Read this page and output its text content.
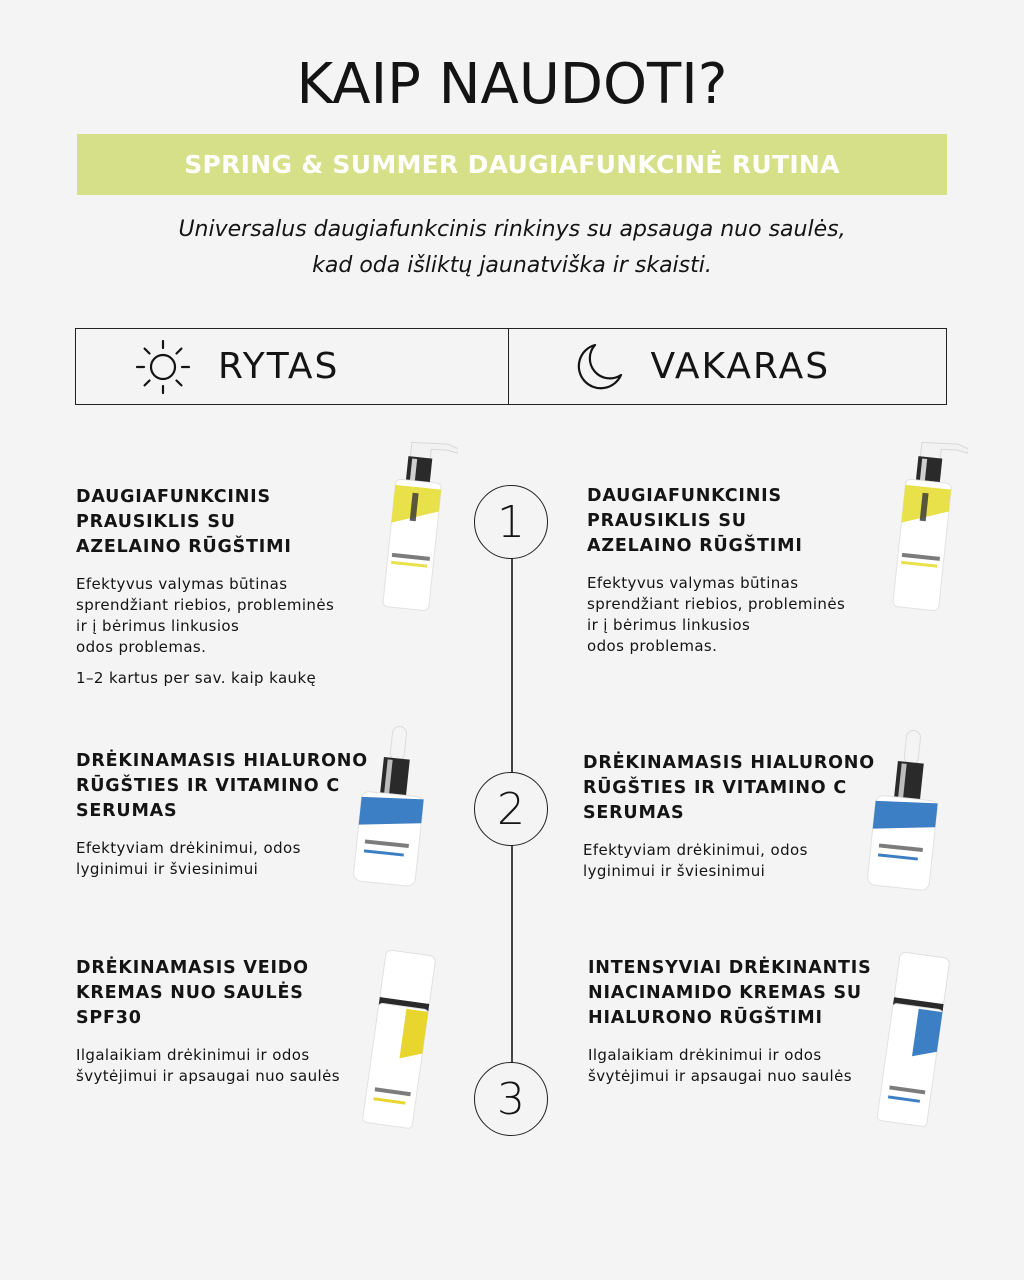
KAIP NAUDOTI?
SPRING & SUMMER DAUGIAFUNKCINĖ RUTINA
Universalus daugiafunkcinis rinkinys su apsauga nuo saulės,
kad oda išliktų jaunatviška ir skaisti.
RYTAS	VAKARAS
1
2
3
DAUGIAFUNKCINIS
PRAUSIKLIS SU
AZELAINO RŪGŠTIMI

Efektyvus valymas būtinas
sprendžiant riebios, probleminės
ir į bėrimus linkusios
odos problemas.

1–2 kartus per sav. kaip kaukę

DRĖKINAMASIS HIALURONO
RŪGŠTIES IR VITAMINO C
SERUMAS

Efektyviam drėkinimui, odos
lyginimui ir šviesinimui

DRĖKINAMASIS VEIDO
KREMAS NUO SAULĖS SPF30

Ilgalaikiam drėkinimui ir odos
švytėjimui ir apsaugai nuo saulės

DAUGIAFUNKCINIS
PRAUSIKLIS SU
AZELAINO RŪGŠTIMI

Efektyvus valymas būtinas
sprendžiant riebios, probleminės
ir į bėrimus linkusios
odos problemas.

DRĖKINAMASIS HIALURONO
RŪGŠTIES IR VITAMINO C
SERUMAS

Efektyviam drėkinimui, odos
lyginimui ir šviesinimui

INTENSYVIAI DRĖKINANTIS
NIACINAMIDO KREMAS SU
HIALURONO RŪGŠTIMI

Ilgalaikiam drėkinimui ir odos
švytėjimui ir apsaugai nuo saulės
